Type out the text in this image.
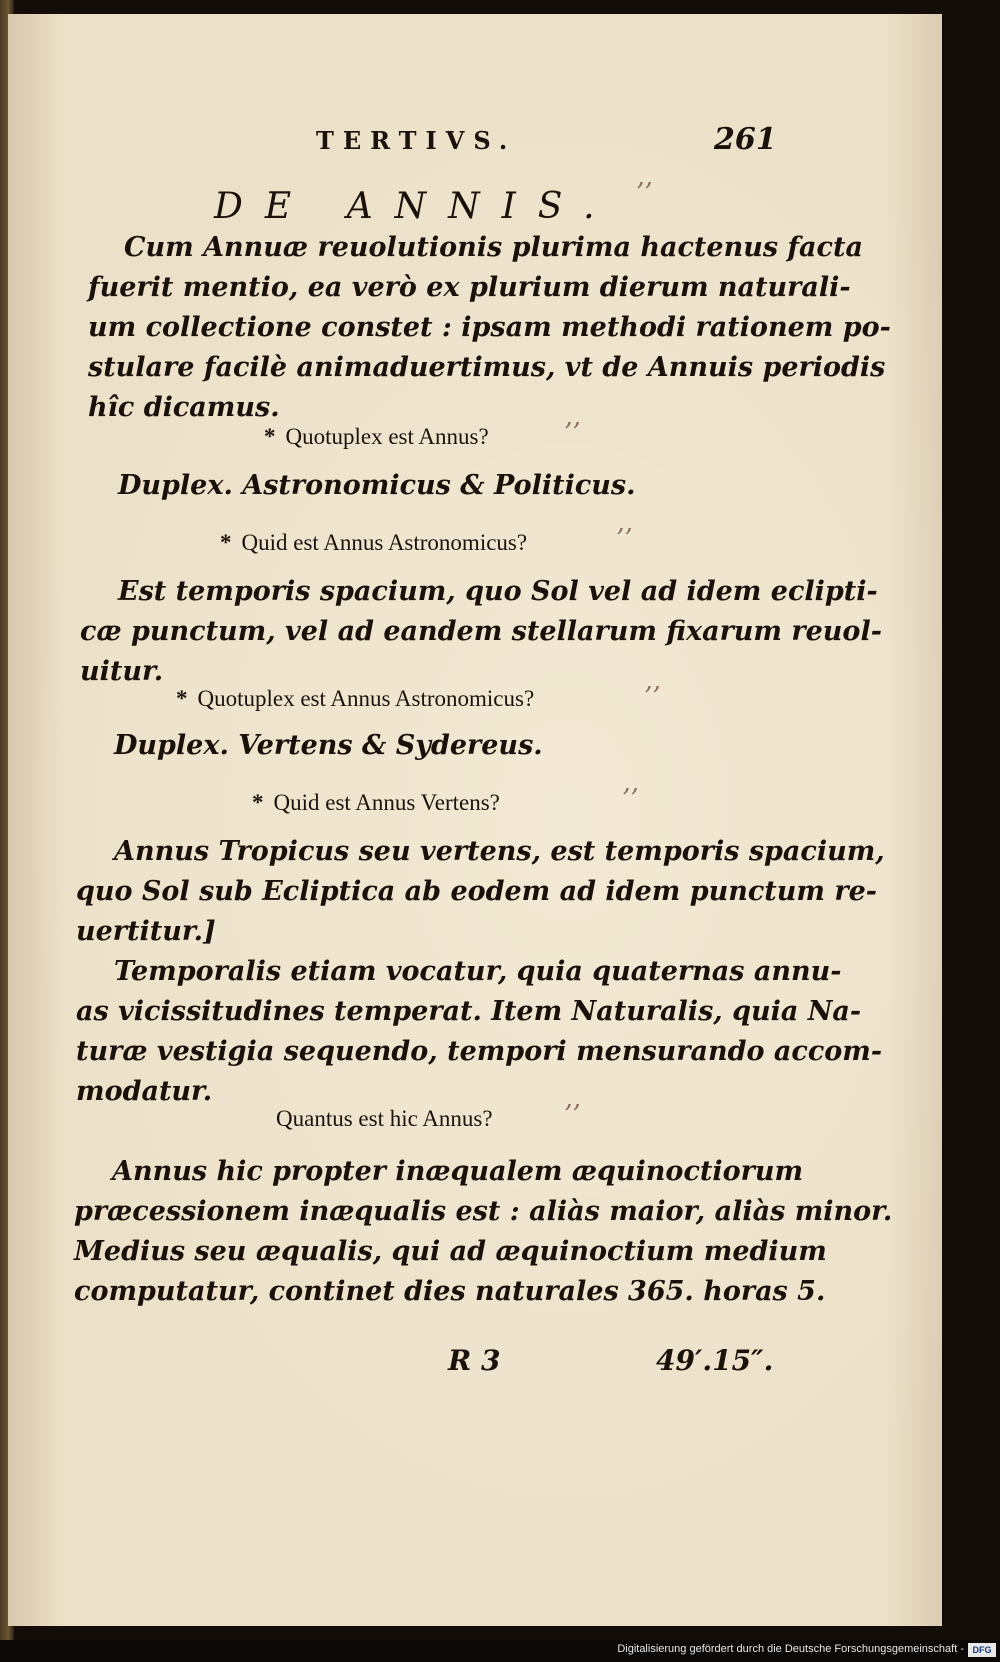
TERTIVS.	261
DE ANNIS. ’’
Cum Annuæ reuolutionis plurima hactenus facta
fuerit mentio, ea verò ex plurium dierum naturali-
um collectione constet : ipsam methodi rationem po-
stulare facilè animaduertimus, vt de Annuis periodis
hîc dicamus.
* Quotuplex est Annus?	’’
Duplex. Astronomicus & Politicus.
* Quid est Annus Astronomicus?	’’
Est temporis spacium, quo Sol vel ad idem eclipti-
cæ punctum, vel ad eandem stellarum fixarum reuol-
uitur.
* Quotuplex est Annus Astronomicus?	’’
Duplex. Vertens & Sydereus.
* Quid est Annus Vertens?	’’
Annus Tropicus seu vertens, est temporis spacium,
quo Sol sub Ecliptica ab eodem ad idem punctum re-
uertitur.]
Temporalis etiam vocatur, quia quaternas annu-
as vicissitudines temperat. Item Naturalis, quia Na-
turæ vestigia sequendo, tempori mensurando accom-
modatur.
Quantus est hic Annus?	’’
Annus hic propter inæqualem æquinoctiorum
præcessionem inæqualis est : aliàs maior, aliàs minor.
Medius seu æqualis, qui ad æquinoctium medium
computatur, continet dies naturales 365. horas 5.
R 3	49′.15″.
Digitalisierung gefördert durch die Deutsche Forschungsgemeinschaft - DFG
